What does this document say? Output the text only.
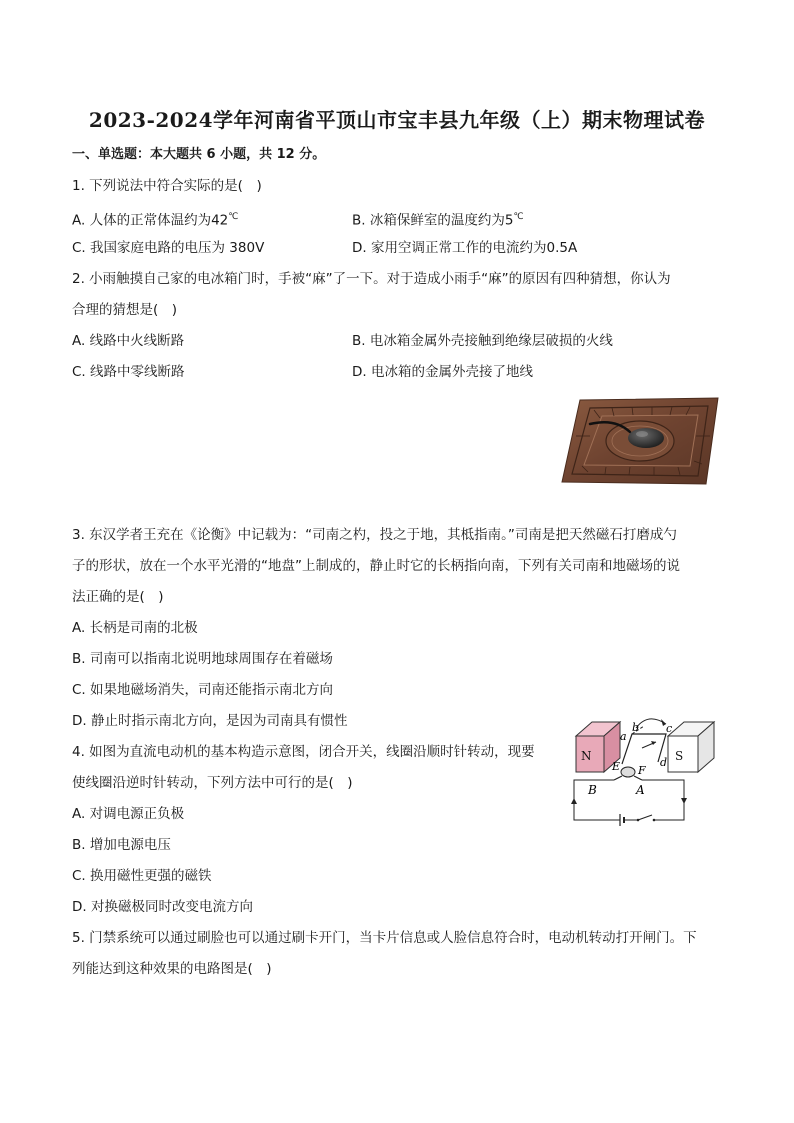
2023-2024学年河南省平顶山市宝丰县九年级（上）期末物理试卷
一、单选题：本大题共 6 小题，共 12 分。
1. 下列说法中符合实际的是(　)
A. 人体的正常体温约为42℃	B. 冰箱保鲜室的温度约为5℃
C. 我国家庭电路的电压为 380V	D. 家用空调正常工作的电流约为0.5A
2. 小雨触摸自己家的电冰箱门时，手被“麻”了一下。对于造成小雨手“麻”的原因有四种猜想，你认为
合理的猜想是(　)
A. 线路中火线断路	B. 电冰箱金属外壳接触到绝缘层破损的火线
C. 线路中零线断路	D. 电冰箱的金属外壳接了地线
3. 东汉学者王充在《论衡》中记载为：“司南之杓，投之于地，其柢指南。”司南是把天然磁石打磨成勺
子的形状，放在一个水平光滑的“地盘”上制成的，静止时它的长柄指向南，下列有关司南和地磁场的说
法正确的是(　)
A. 长柄是司南的北极
B. 司南可以指南北说明地球周围存在着磁场
C. 如果地磁场消失，司南还能指示南北方向
D. 静止时指示南北方向，是因为司南具有惯性
4. 如图为直流电动机的基本构造示意图，闭合开关，线圈沿顺时针转动，现要
使线圈沿逆时针转动，下列方法中可行的是(　)
A. 对调电源正负极
B. 增加电源电压
C. 换用磁性更强的磁铁
D. 对换磁极同时改变电流方向
N	S
a
b c
d
E F
B	A
5. 门禁系统可以通过刷脸也可以通过刷卡开门，当卡片信息或人脸信息符合时，电动机转动打开闸门。下
列能达到这种效果的电路图是(　)
